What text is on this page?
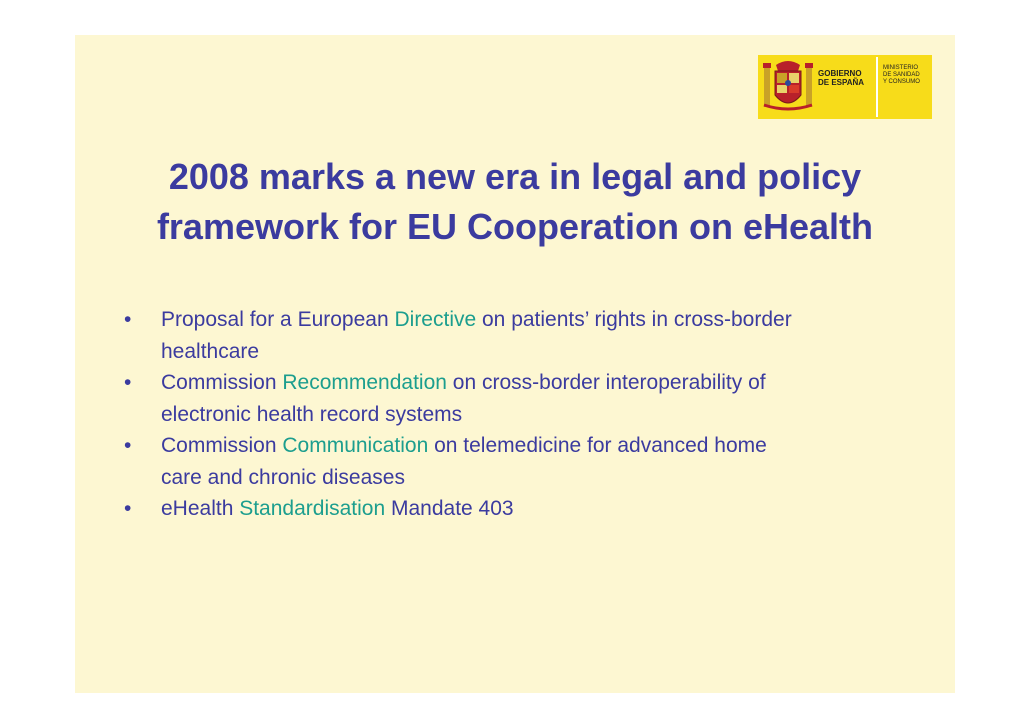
GOBIERNO
DE ESPAÑA
MINISTERIO
DE SANIDAD
Y CONSUMO
2008 marks a new era in legal and policy
framework for EU Cooperation on eHealth
• Proposal for a European Directive on patients’ rights in cross-border
healthcare
• Commission Recommendation on cross-border interoperability of
electronic health record systems
• Commission Communication on telemedicine for advanced home
care and chronic diseases
• eHealth Standardisation Mandate 403
